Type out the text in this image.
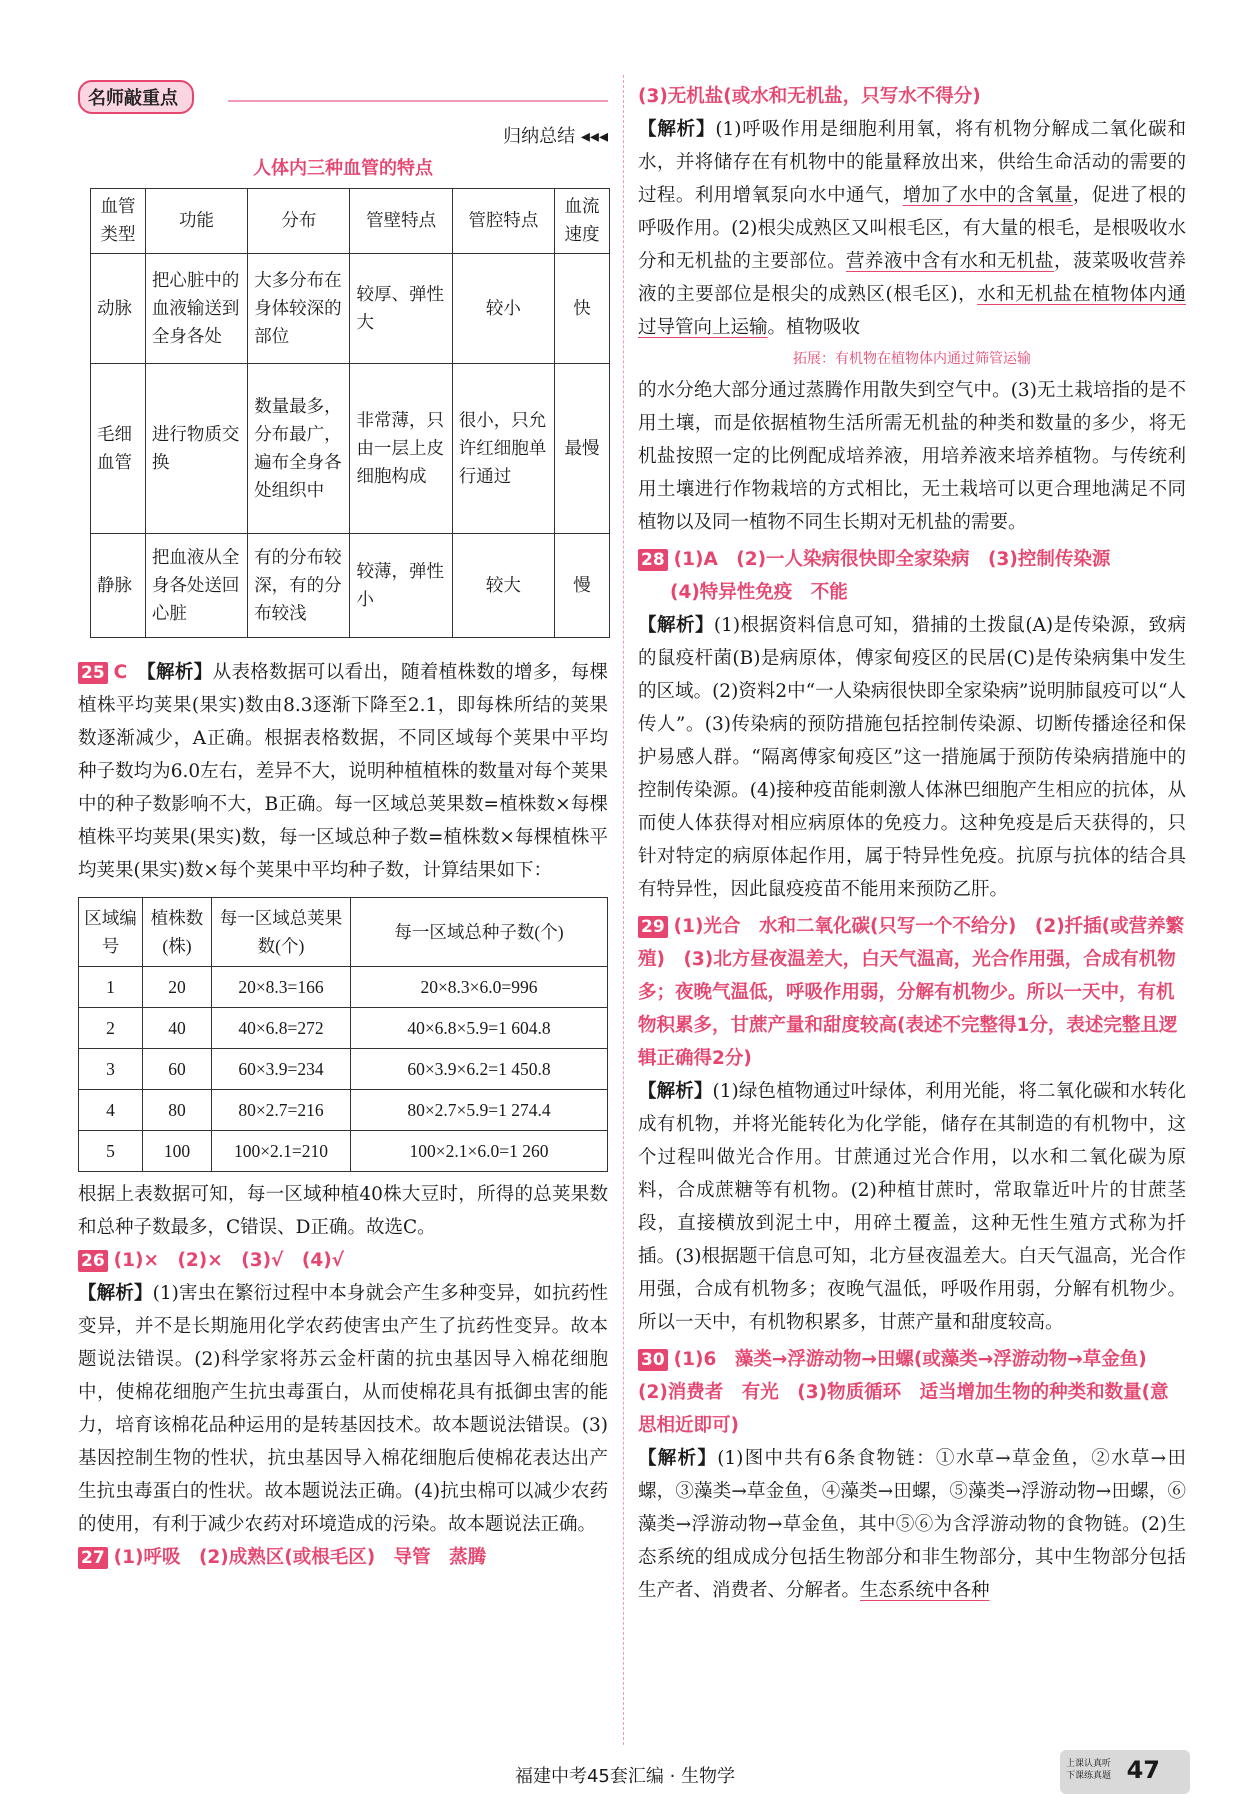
名师敲重点

归纳总结 ◂◂◂

人体内三种血管的特点

血管类型	功能	分布	管壁特点	管腔特点	血流速度
动脉	把心脏中的血液输送到全身各处	大多分布在身体较深的部位	较厚、弹性大	较小	快
毛细血管	进行物质交换	数量最多，分布最广，遍布全身各处组织中	非常薄，只由一层上皮细胞构成	很小，只允许红细胞单行通过	最慢
静脉	把血液从全身各处送回心脏	有的分布较深，有的分布较浅	较薄，弹性小	较大	慢

25 C　 【解析】从表格数据可以看出，随着植株数的增多，每棵植株平均荚果(果实)数由8.3逐渐下降至2.1，即每株所结的荚果数逐渐减少，A正确。根据表格数据，不同区域每个荚果中平均种子数均为6.0左右，差异不大，说明种植植株的数量对每个荚果中的种子数影响不大，B正确。每一区域总荚果数=植株数×每棵植株平均荚果(果实)数，每一区域总种子数=植株数×每棵植株平均荚果(果实)数×每个荚果中平均种子数，计算结果如下：

区域编号	植株数(株)	每一区域总荚果数(个)	每一区域总种子数(个)
1	20	20×8.3=166	20×8.3×6.0=996
2	40	40×6.8=272	40×6.8×5.9=1 604.8
3	60	60×3.9=234	60×3.9×6.2=1 450.8
4	80	80×2.7=216	80×2.7×5.9=1 274.4
5	100	100×2.1=210	100×2.1×6.0=1 260

根据上表数据可知，每一区域种植40株大豆时，所得的总荚果数和总种子数最多，C错误、D正确。故选C。

26 (1)×　(2)×　(3)√　(4)√

【解析】(1)害虫在繁衍过程中本身就会产生多种变异，如抗药性变异，并不是长期施用化学农药使害虫产生了抗药性变异。故本题说法错误。(2)科学家将苏云金杆菌的抗虫基因导入棉花细胞中，使棉花细胞产生抗虫毒蛋白，从而使棉花具有抵御虫害的能力，培育该棉花品种运用的是转基因技术。故本题说法错误。(3)基因控制生物的性状，抗虫基因导入棉花细胞后使棉花表达出产生抗虫毒蛋白的性状。故本题说法正确。(4)抗虫棉可以减少农药的使用，有利于减少农药对环境造成的污染。故本题说法正确。

27 (1)呼吸　(2)成熟区(或根毛区)　导管　蒸腾

(3)无机盐(或水和无机盐，只写水不得分)

【解析】(1)呼吸作用是细胞利用氧，将有机物分解成二氧化碳和水，并将储存在有机物中的能量释放出来，供给生命活动的需要的过程。利用增氧泵向水中通气，增加了水中的含氧量，促进了根的呼吸作用。(2)根尖成熟区又叫根毛区，有大量的根毛，是根吸收水分和无机盐的主要部位。营养液中含有水和无机盐，菠菜吸收营养液的主要部位是根尖的成熟区(根毛区)，水和无机盐在植物体内通过导管向上运输。植物吸收

拓展：有机物在植物体内通过筛管运输

的水分绝大部分通过蒸腾作用散失到空气中。(3)无土栽培指的是不用土壤，而是依据植物生活所需无机盐的种类和数量的多少，将无机盐按照一定的比例配成培养液，用培养液来培养植物。与传统利用土壤进行作物栽培的方式相比，无土栽培可以更合理地满足不同植物以及同一植物不同生长期对无机盐的需要。

28 (1)A　(2)一人染病很快即全家染病　(3)控制传染源

(4)特异性免疫　不能

【解析】(1)根据资料信息可知，猎捕的土拨鼠(A)是传染源，致病的鼠疫杆菌(B)是病原体，傅家甸疫区的民居(C)是传染病集中发生的区域。(2)资料2中“一人染病很快即全家染病”说明肺鼠疫可以“人传人”。(3)传染病的预防措施包括控制传染源、切断传播途径和保护易感人群。“隔离傅家甸疫区”这一措施属于预防传染病措施中的控制传染源。(4)接种疫苗能刺激人体淋巴细胞产生相应的抗体，从而使人体获得对相应病原体的免疫力。这种免疫是后天获得的，只针对特定的病原体起作用，属于特异性免疫。抗原与抗体的结合具有特异性，因此鼠疫疫苗不能用来预防乙肝。

29 (1)光合　水和二氧化碳(只写一个不给分)　(2)扦插(或营养繁殖)　(3)北方昼夜温差大，白天气温高，光合作用强，合成有机物多；夜晚气温低，呼吸作用弱，分解有机物少。所以一天中，有机物积累多，甘蔗产量和甜度较高(表述不完整得1分，表述完整且逻辑正确得2分)

【解析】(1)绿色植物通过叶绿体，利用光能，将二氧化碳和水转化成有机物，并将光能转化为化学能，储存在其制造的有机物中，这个过程叫做光合作用。甘蔗通过光合作用，以水和二氧化碳为原料，合成蔗糖等有机物。(2)种植甘蔗时，常取靠近叶片的甘蔗茎段，直接横放到泥土中，用碎土覆盖，这种无性生殖方式称为扦插。(3)根据题干信息可知，北方昼夜温差大。白天气温高，光合作用强，合成有机物多；夜晚气温低，呼吸作用弱，分解有机物少。所以一天中，有机物积累多，甘蔗产量和甜度较高。

30 (1)6　藻类→浮游动物→田螺(或藻类→浮游动物→草金鱼)　(2)消费者　有光　(3)物质循环　适当增加生物的种类和数量(意思相近即可)

【解析】(1)图中共有6条食物链：①水草→草金鱼，②水草→田螺，③藻类→草金鱼，④藻类→田螺，⑤藻类→浮游动物→田螺，⑥藻类→浮游动物→草金鱼，其中⑤⑥为含浮游动物的食物链。(2)生态系统的组成成分包括生物部分和非生物部分，其中生物部分包括生产者、消费者、分解者。生态系统中各种

福建中考45套汇编 · 生物学
上课认真听 下课练真题 47
